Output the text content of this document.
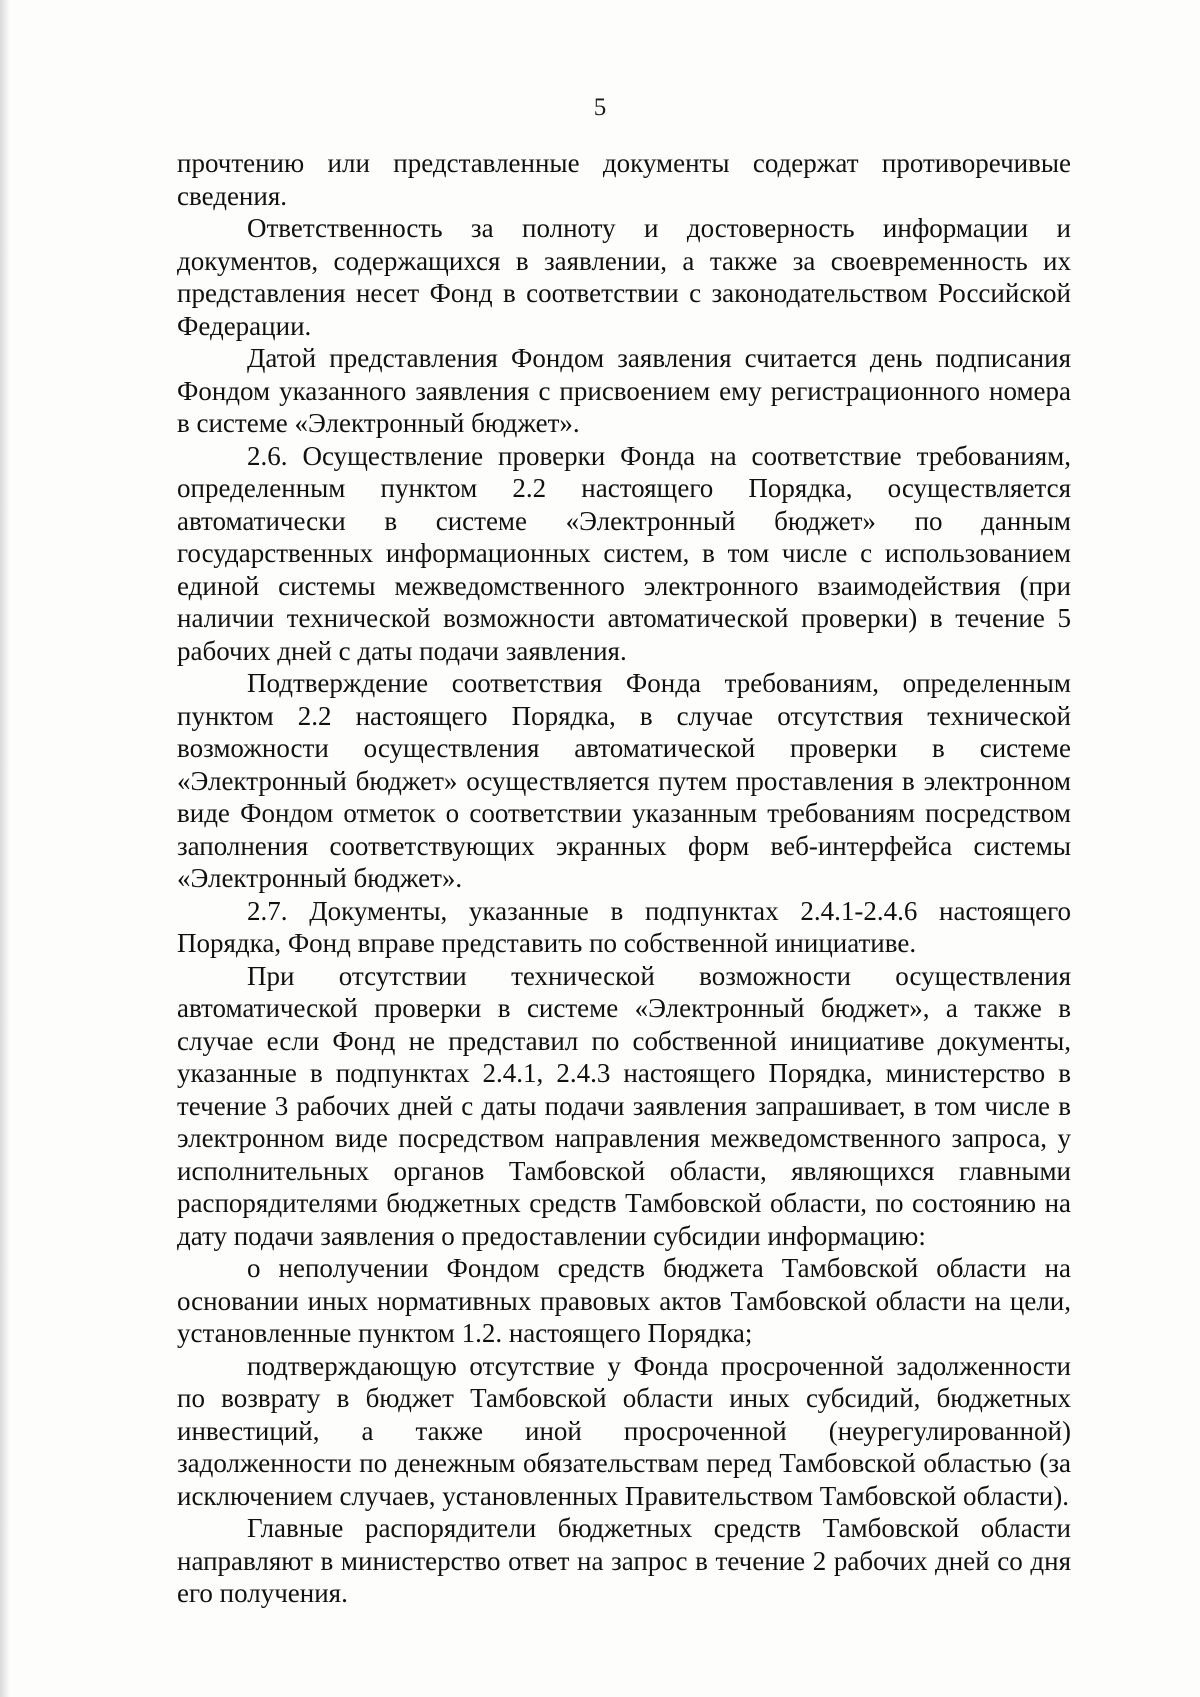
5

прочтению или представленные документы содержат противоречивые сведения.

Ответственность за полноту и достоверность информации и документов, содержащихся в заявлении, а также за своевременность их представления несет Фонд в соответствии с законодательством Российской Федерации.

Датой представления Фондом заявления считается день подписания Фондом указанного заявления с присвоением ему регистрационного номера в системе «Электронный бюджет».

2.6. Осуществление проверки Фонда на соответствие требованиям, определенным пунктом 2.2 настоящего Порядка, осуществляется автоматически в системе «Электронный бюджет» по данным государственных информационных систем, в том числе с использованием единой системы межведомственного электронного взаимодействия (при наличии технической возможности автоматической проверки) в течение 5 рабочих дней с даты подачи заявления.

Подтверждение соответствия Фонда требованиям, определенным пунктом 2.2 настоящего Порядка, в случае отсутствия технической возможности осуществления автоматической проверки в системе «Электронный бюджет» осуществляется путем проставления в электронном виде Фондом отметок о соответствии указанным требованиям посредством заполнения соответствующих экранных форм веб-интерфейса системы «Электронный бюджет».

2.7. Документы, указанные в подпунктах 2.4.1-2.4.6 настоящего Порядка, Фонд вправе представить по собственной инициативе.

При отсутствии технической возможности осуществления автоматической проверки в системе «Электронный бюджет», а также в случае если Фонд не представил по собственной инициативе документы, указанные в подпунктах 2.4.1, 2.4.3 настоящего Порядка, министерство в течение 3 рабочих дней с даты подачи заявления запрашивает, в том числе в электронном виде посредством направления межведомственного запроса, у исполнительных органов Тамбовской области, являющихся главными распорядителями бюджетных средств Тамбовской области, по состоянию на дату подачи заявления о предоставлении субсидии информацию:

о неполучении Фондом средств бюджета Тамбовской области на основании иных нормативных правовых актов Тамбовской области на цели, установленные пунктом 1.2. настоящего Порядка;

подтверждающую отсутствие у Фонда просроченной задолженности по возврату в бюджет Тамбовской области иных субсидий, бюджетных инвестиций, а также иной просроченной (неурегулированной) задолженности по денежным обязательствам перед Тамбовской областью (за исключением случаев, установленных Правительством Тамбовской области).

Главные распорядители бюджетных средств Тамбовской области направляют в министерство ответ на запрос в течение 2 рабочих дней со дня его получения.
